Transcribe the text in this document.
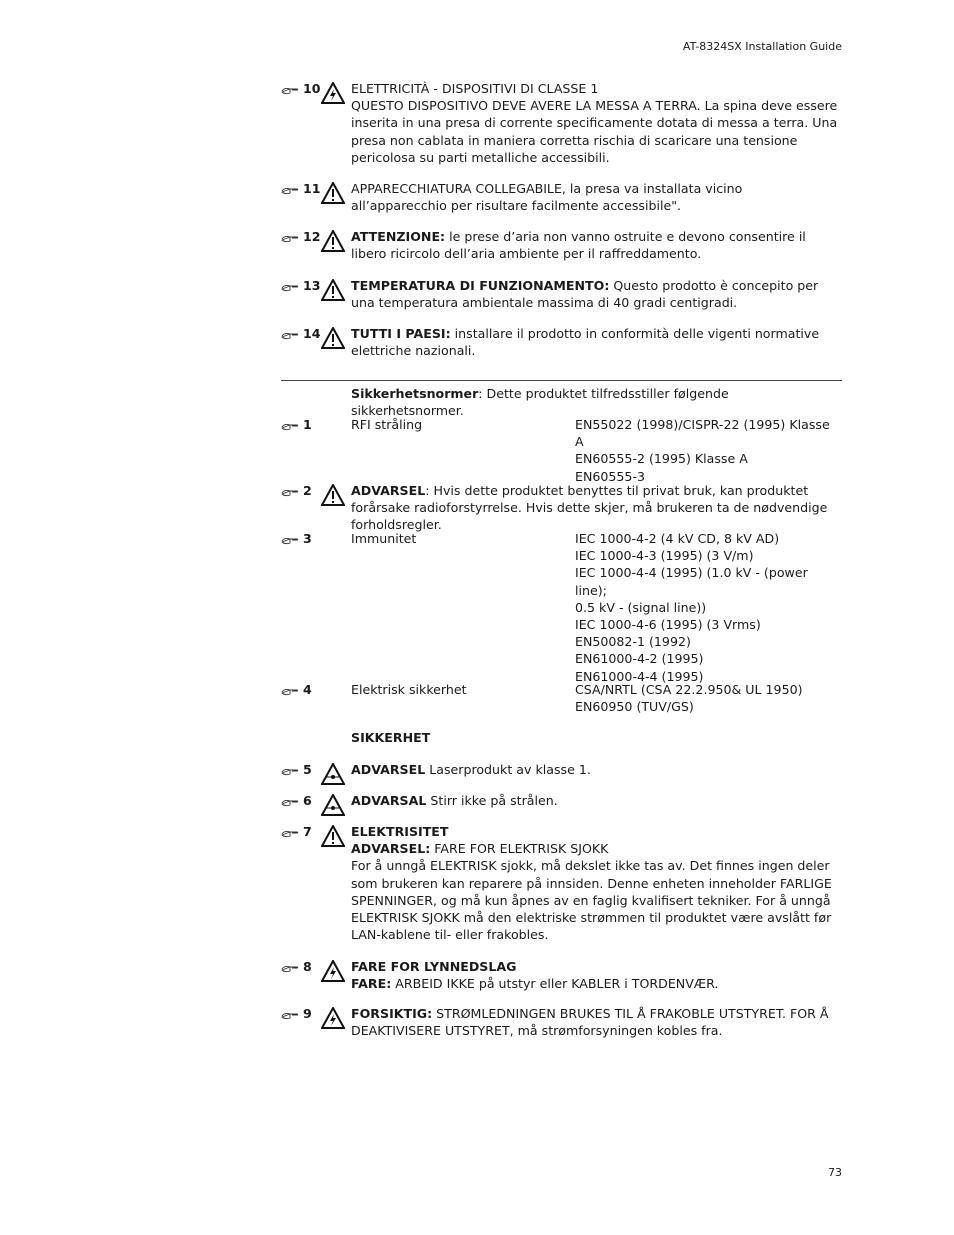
AT-8324SX Installation Guide
10 ELETTRICITÀ - DISPOSITIVI DI CLASSE 1
QUESTO DISPOSITIVO DEVE AVERE LA MESSA A TERRA. La spina deve essere inserita in una presa di corrente specificamente dotata di messa a terra. Una presa non cablata in maniera corretta rischia di scaricare una tensione pericolosa su parti metalliche accessibili.
11 APPARECCHIATURA COLLEGABILE, la presa va installata vicino all’apparecchio per risultare facilmente accessibile".
12 ATTENZIONE: le prese d’aria non vanno ostruite e devono consentire il libero ricircolo dell’aria ambiente per il raffreddamento.
13 TEMPERATURA DI FUNZIONAMENTO: Questo prodotto è concepito per una temperatura ambientale massima di 40 gradi centigradi.
14 TUTTI I PAESI: installare il prodotto in conformità delle vigenti normative elettriche nazionali.
Sikkerhetsnormer: Dette produktet tilfredsstiller følgende sikkerhetsnormer.
1	RFI stråling	EN55022 (1998)/CISPR-22 (1995) Klasse A
EN60555-2 (1995) Klasse A
EN60555-3
2	ADVARSEL: Hvis dette produktet benyttes til privat bruk, kan produktet forårsake radioforstyrrelse. Hvis dette skjer, må brukeren ta de nødvendige forholdsregler.
3	Immunitet	IEC 1000-4-2 (4 kV CD, 8 kV AD)
IEC 1000-4-3 (1995) (3 V/m)
IEC 1000-4-4 (1995) (1.0 kV - (power line);
0.5 kV - (signal line))
IEC 1000-4-6 (1995) (3 Vrms)
EN50082-1 (1992)
EN61000-4-2 (1995)
EN61000-4-4 (1995)
4	Elektrisk sikkerhet	CSA/NRTL (CSA 22.2.950& UL 1950)
EN60950 (TUV/GS)
SIKKERHET
5	ADVARSEL Laserprodukt av klasse 1.
6	ADVARSAL Stirr ikke på strålen.
7	ELEKTRISITET
ADVARSEL: FARE FOR ELEKTRISK SJOKK
For å unngå ELEKTRISK sjokk, må dekslet ikke tas av. Det finnes ingen deler som brukeren kan reparere på innsiden. Denne enheten inneholder FARLIGE SPENNINGER, og må kun åpnes av en faglig kvalifisert tekniker. For å unngå ELEKTRISK SJOKK må den elektriske strømmen til produktet være avslått før LAN-kablene til- eller frakobles.
8	FARE FOR LYNNEDSLAG
FARE: ARBEID IKKE på utstyr eller KABLER i TORDENVÆR.
9	FORSIKTIG: STRØMLEDNINGEN BRUKES TIL Å FRAKOBLE UTSTYRET. FOR Å DEAKTIVISERE UTSTYRET, må strømforsyningen kobles fra.
73
